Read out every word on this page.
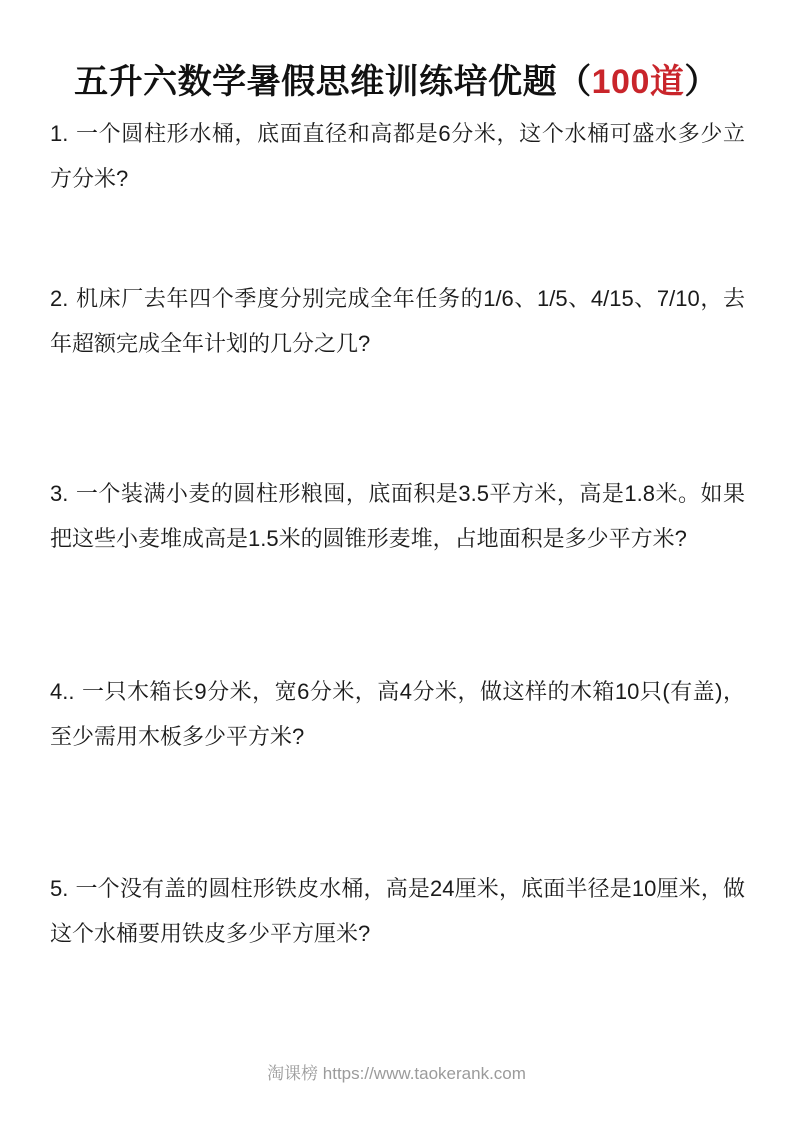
五升六数学暑假思维训练培优题（100道）

1. 一个圆柱形水桶，底面直径和高都是6分米，这个水桶可盛水多少立方分米?

2. 机床厂去年四个季度分别完成全年任务的1/6、1/5、4/15、7/10，去年超额完成全年计划的几分之几?

3. 一个装满小麦的圆柱形粮囤，底面积是3.5平方米，高是1.8米。如果把这些小麦堆成高是1.5米的圆锥形麦堆，占地面积是多少平方米?

4.. 一只木箱长9分米，宽6分米，高4分米，做这样的木箱10只(有盖)，至少需用木板多少平方米?

5. 一个没有盖的圆柱形铁皮水桶，高是24厘米，底面半径是10厘米，做这个水桶要用铁皮多少平方厘米?

淘课榜 https://www.taokerank.com
